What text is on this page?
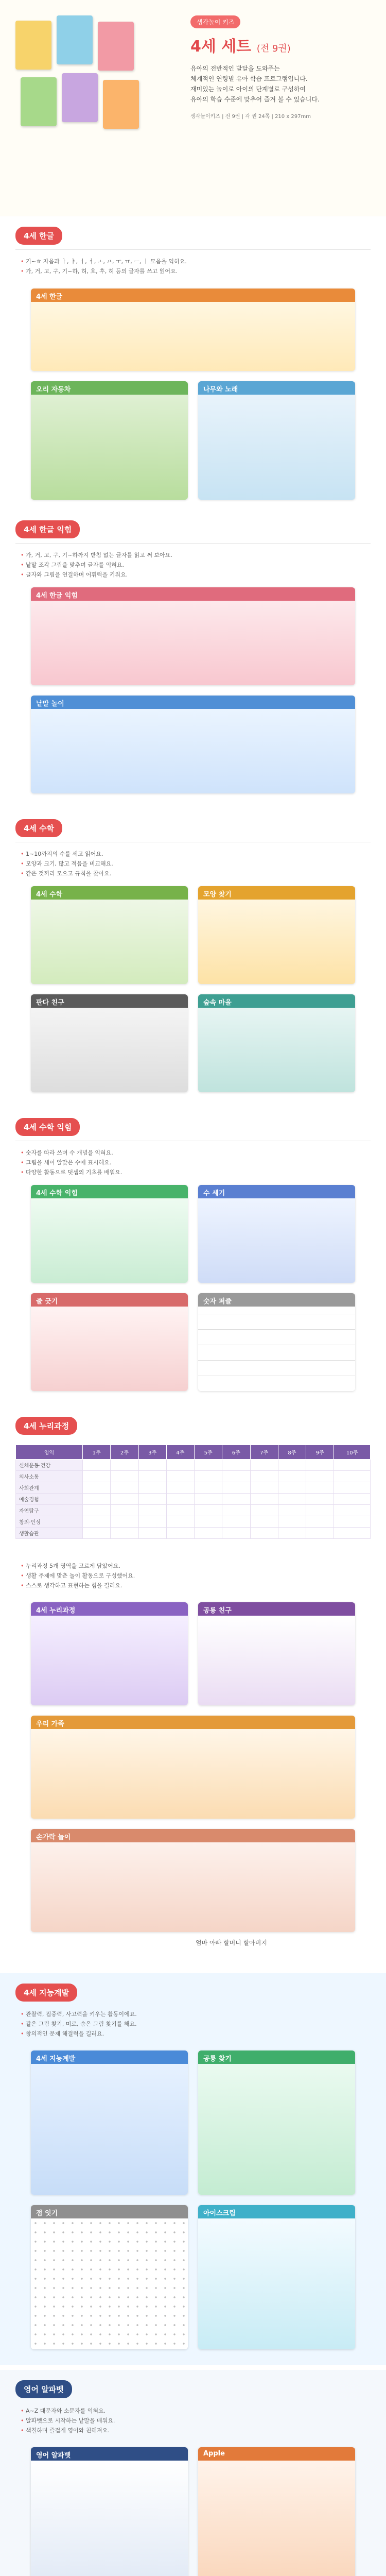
생각놀이 키즈
4세 세트 (전 9권)
유아의 전반적인 발달을 도와주는
체계적인 연령별 유아 학습 프로그램입니다.
재미있는 놀이로 아이의 단계별로 구성하여
유아의 학습 수준에 맞추어 즐겨 볼 수 있습니다.
생각놀이키즈 | 전 9권 | 각 권 24쪽 | 210 x 297mm
4세 한글
• 기~ㅎ 자음과 ㅏ, ㅑ, ㅓ, ㅕ, ㅗ, ㅛ, ㅜ, ㅠ, ㅡ, ㅣ 모음을 익혀요.
• 가, 거, 고, 구, 기~하, 허, 호, 후, 히 등의 글자를 쓰고 읽어요.
4세 한글
오리 자동차	나무와 노래
4세 한글 익힘
• 가, 거, 고, 구, 기~하까지 받침 없는 글자를 읽고 써 보아요.
• 낱말 조각 그림을 맞추며 글자를 익혀요.
• 글자와 그림을 연결하며 어휘력을 키워요.
4세 한글 익힘
낱말 놀이
4세 수학
• 1~10까지의 수를 세고 읽어요.
• 모양과 크기, 많고 적음을 비교해요.
• 같은 것끼리 모으고 규칙을 찾아요.
4세 수학	모양 찾기
판다 친구	숲속 마을
4세 수학 익힘
• 숫자를 따라 쓰며 수 개념을 익혀요.
• 그림을 세어 알맞은 수에 표시해요.
• 다양한 활동으로 덧셈의 기초를 배워요.
4세 수학 익힘	수 세기
줄 긋기	숫자 퍼즐
4세 누리과정
영역	1주	2주	3주	4주	5주	6주	7주	8주	9주	10주
신체운동·건강										
의사소통										
사회관계										
예술경험										
자연탐구										
창의·인성										
생활습관										
• 누리과정 5개 영역을 고르게 담았어요.
• 생활 주제에 맞춘 놀이 활동으로 구성했어요.
• 스스로 생각하고 표현하는 힘을 길러요.
4세 누리과정	공룡 친구
우리 가족
손가락 놀이
엄마 아빠 할머니 할아버지
4세 지능계발
• 관찰력, 집중력, 사고력을 키우는 활동이에요.
• 같은 그림 찾기, 미로, 숨은 그림 찾기를 해요.
• 창의적인 문제 해결력을 길러요.
4세 지능계발	공룡 찾기
점 잇기	아이스크림
영어 알파벳
• A~Z 대문자와 소문자를 익혀요.
• 알파벳으로 시작하는 낱말을 배워요.
• 색칠하며 즐겁게 영어와 친해져요.
영어 알파벳	Apple
